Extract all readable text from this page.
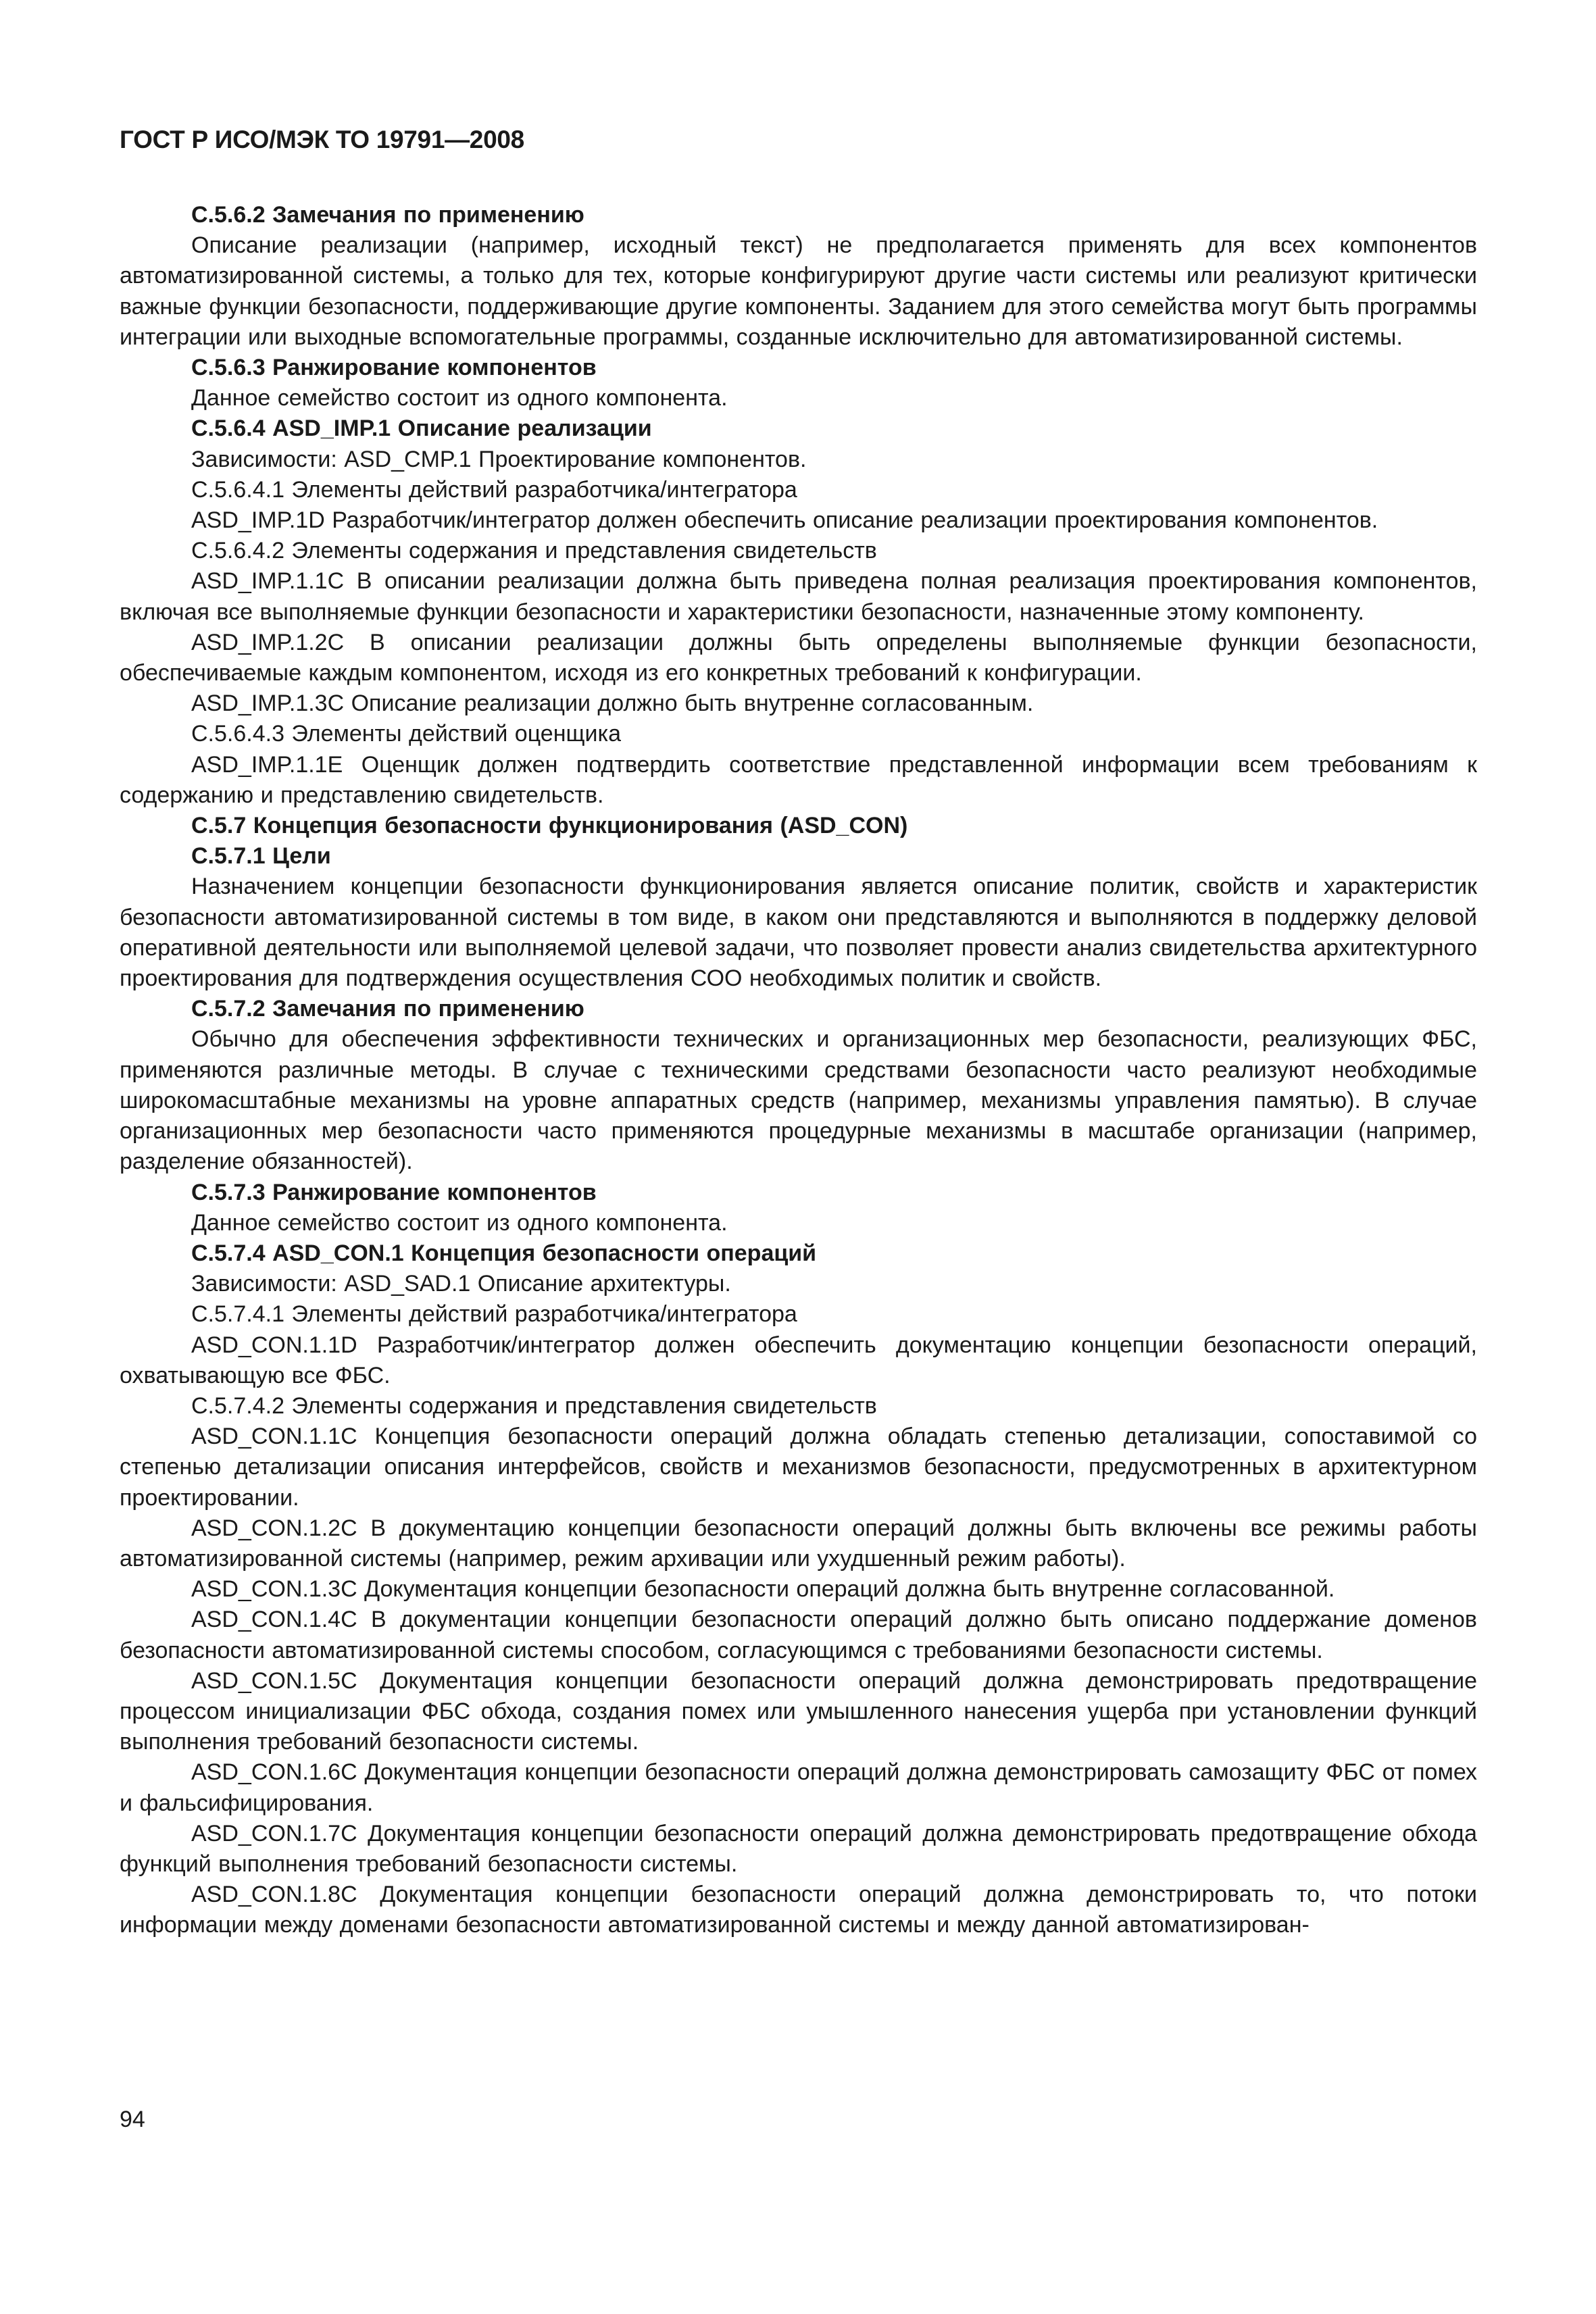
ГОСТ Р ИСО/МЭК ТО 19791—2008

С.5.6.2 Замечания по применению

Описание реализации (например, исходный текст) не предполагается применять для всех компонентов автоматизированной системы, а только для тех, которые конфигурируют другие части системы или реализуют критически важные функции безопасности, поддерживающие другие компоненты. Заданием для этого семейства могут быть программы интеграции или выходные вспомогательные программы, созданные исключительно для автоматизированной системы.

С.5.6.3 Ранжирование компонентов

Данное семейство состоит из одного компонента.

С.5.6.4 ASD_IMP.1 Описание реализации

Зависимости: ASD_CMP.1 Проектирование компонентов.

С.5.6.4.1 Элементы действий разработчика/интегратора

ASD_IMP.1D Разработчик/интегратор должен обеспечить описание реализации проектирования компонентов.

С.5.6.4.2 Элементы содержания и представления свидетельств

ASD_IMP.1.1C В описании реализации должна быть приведена полная реализация проектирования компонентов, включая все выполняемые функции безопасности и характеристики безопасности, назначенные этому компоненту.

ASD_IMP.1.2C В описании реализации должны быть определены выполняемые функции безопасности, обеспечиваемые каждым компонентом, исходя из его конкретных требований к конфигурации.

ASD_IMP.1.3C Описание реализации должно быть внутренне согласованным.

С.5.6.4.3 Элементы действий оценщика

ASD_IMP.1.1E Оценщик должен подтвердить соответствие представленной информации всем требованиям к содержанию и представлению свидетельств.

С.5.7 Концепция безопасности функционирования (ASD_CON)

С.5.7.1 Цели

Назначением концепции безопасности функционирования является описание политик, свойств и характеристик безопасности автоматизированной системы в том виде, в каком они представляются и выполняются в поддержку деловой оперативной деятельности или выполняемой целевой задачи, что позволяет провести анализ свидетельства архитектурного проектирования для подтверждения осуществления СОО необходимых политик и свойств.

С.5.7.2 Замечания по применению

Обычно для обеспечения эффективности технических и организационных мер безопасности, реализующих ФБС, применяются различные методы. В случае с техническими средствами безопасности часто реализуют необходимые широкомасштабные механизмы на уровне аппаратных средств (например, механизмы управления памятью). В случае организационных мер безопасности часто применяются процедурные механизмы в масштабе организации (например, разделение обязанностей).

С.5.7.3 Ранжирование компонентов

Данное семейство состоит из одного компонента.

С.5.7.4 ASD_CON.1 Концепция безопасности операций

Зависимости: ASD_SAD.1 Описание архитектуры.

С.5.7.4.1 Элементы действий разработчика/интегратора

ASD_CON.1.1D Разработчик/интегратор должен обеспечить документацию концепции безопасности операций, охватывающую все ФБС.

С.5.7.4.2 Элементы содержания и представления свидетельств

ASD_CON.1.1C Концепция безопасности операций должна обладать степенью детализации, сопоставимой со степенью детализации описания интерфейсов, свойств и механизмов безопасности, предусмотренных в архитектурном проектировании.

ASD_CON.1.2C В документацию концепции безопасности операций должны быть включены все режимы работы автоматизированной системы (например, режим архивации или ухудшенный режим работы).

ASD_CON.1.3C Документация концепции безопасности операций должна быть внутренне согласованной.

ASD_CON.1.4C В документации концепции безопасности операций должно быть описано поддержание доменов безопасности автоматизированной системы способом, согласующимся с требованиями безопасности системы.

ASD_CON.1.5C Документация концепции безопасности операций должна демонстрировать предотвращение процессом инициализации ФБС обхода, создания помех или умышленного нанесения ущерба при установлении функций выполнения требований безопасности системы.

ASD_CON.1.6C Документация концепции безопасности операций должна демонстрировать самозащиту ФБС от помех и фальсифицирования.

ASD_CON.1.7C Документация концепции безопасности операций должна демонстрировать предотвращение обхода функций выполнения требований безопасности системы.

ASD_CON.1.8C Документация концепции безопасности операций должна демонстрировать то, что потоки информации между доменами безопасности автоматизированной системы и между данной автоматизирован-

94
